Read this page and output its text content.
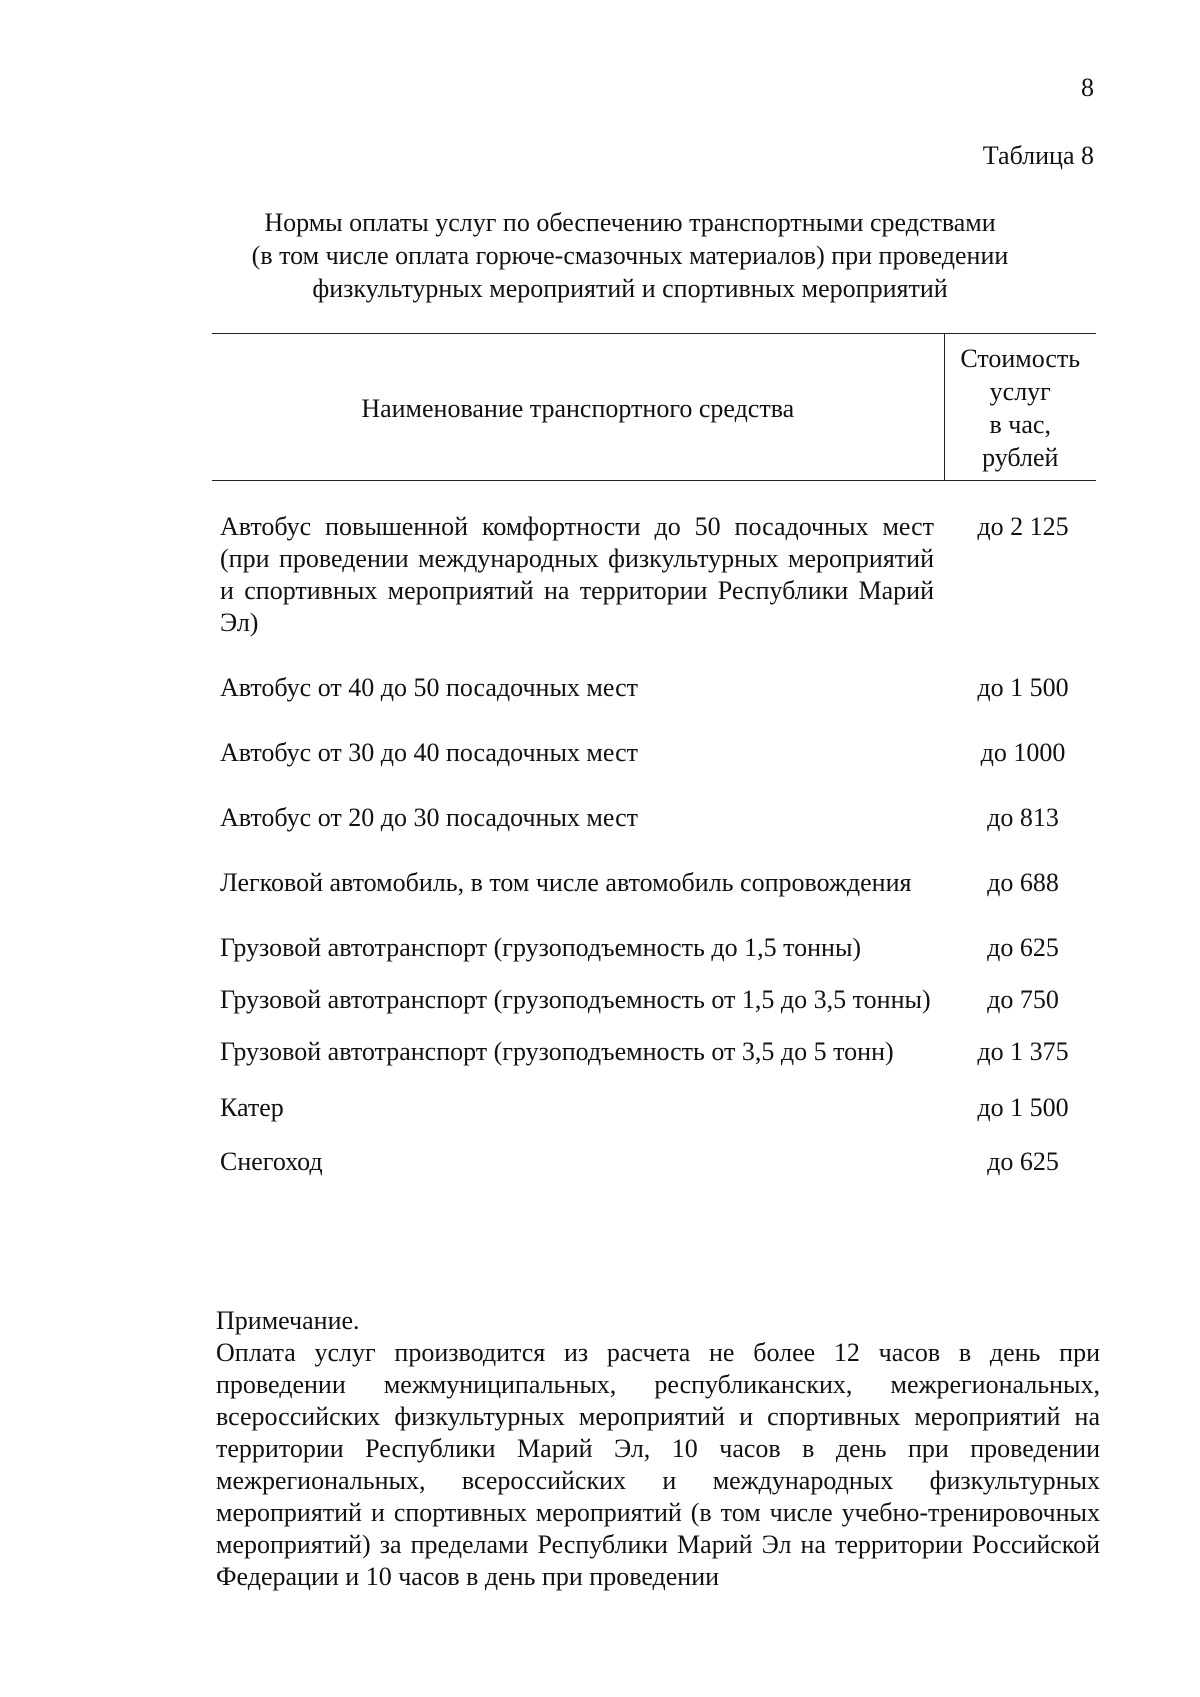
8
Таблица 8
Нормы оплаты услуг по обеспечению транспортными средствами
(в том числе оплата горюче-смазочных материалов) при проведении
физкультурных мероприятий и спортивных мероприятий
Наименование транспортного средства	Стоимость
услуг
в час,
рублей

Автобус повышенной комфортности до 50 посадочных мест (при проведении международных физкультурных мероприятий и спортивных мероприятий на территории Республики Марий Эл)	до 2 125

Автобус от 40 до 50 посадочных мест	до 1 500

Автобус от 30 до 40 посадочных мест	до 1000

Автобус от 20 до 30 посадочных мест	до 813

Легковой автомобиль, в том числе автомобиль сопровождения	до 688

Грузовой автотранспорт (грузоподъемность до 1,5 тонны)	до 625

Грузовой автотранспорт (грузоподъемность от 1,5 до 3,5 тонны)	до 750

Грузовой автотранспорт (грузоподъемность от 3,5 до 5 тонн)	до 1 375

Катер	до 1 500

Снегоход	до 625
Примечание.
Оплата услуг производится из расчета не более 12 часов в день при проведении межмуниципальных, республиканских, межрегиональных, всероссийских физкультурных мероприятий и спортивных мероприятий на территории Республики Марий Эл, 10 часов в день при проведении межрегиональных, всероссийских и международных физкультурных мероприятий и спортивных мероприятий (в том числе учебно-тренировочных мероприятий) за пределами Республики Марий Эл на территории Российской Федерации и 10 часов в день при проведении
